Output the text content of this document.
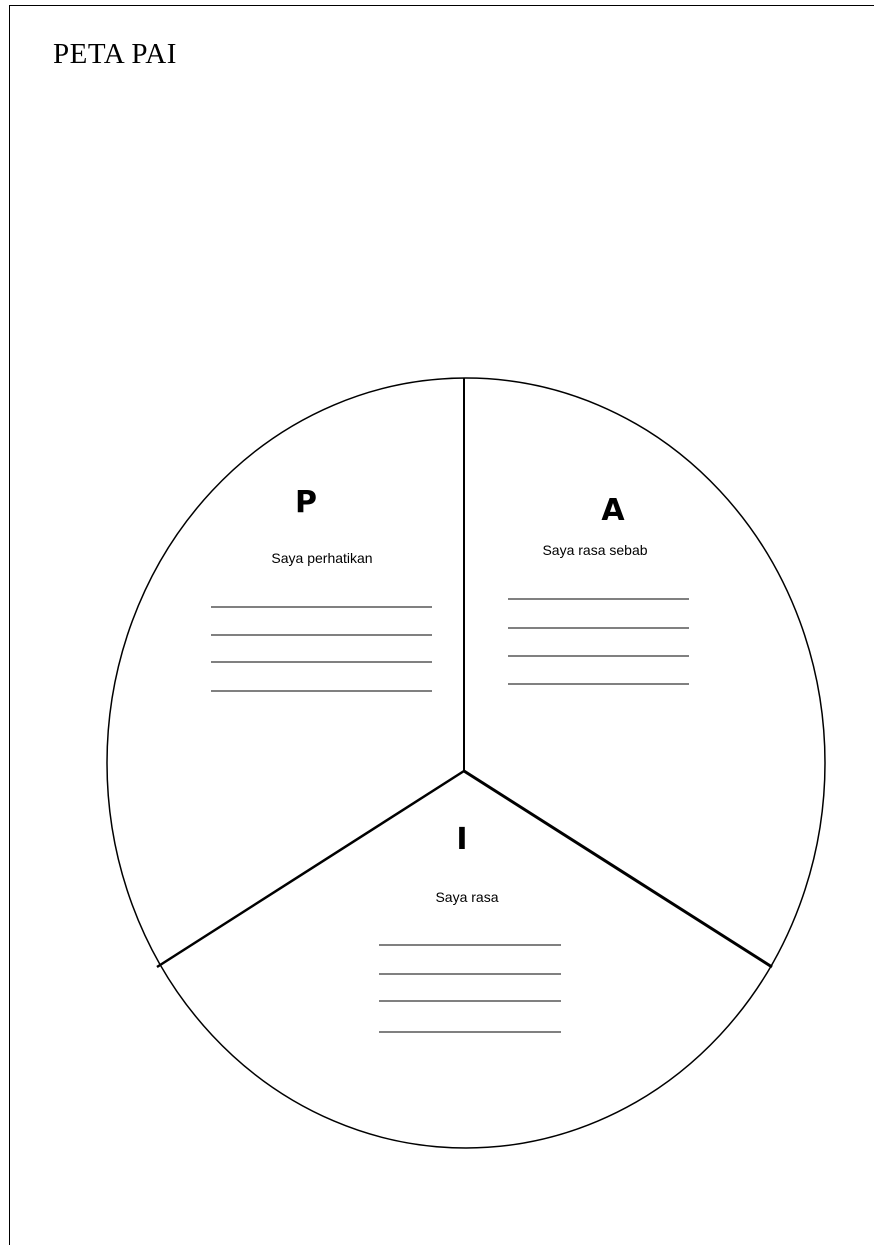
PETA PAI
P
Saya perhatikan
A
Saya rasa sebab
I
Saya rasa
